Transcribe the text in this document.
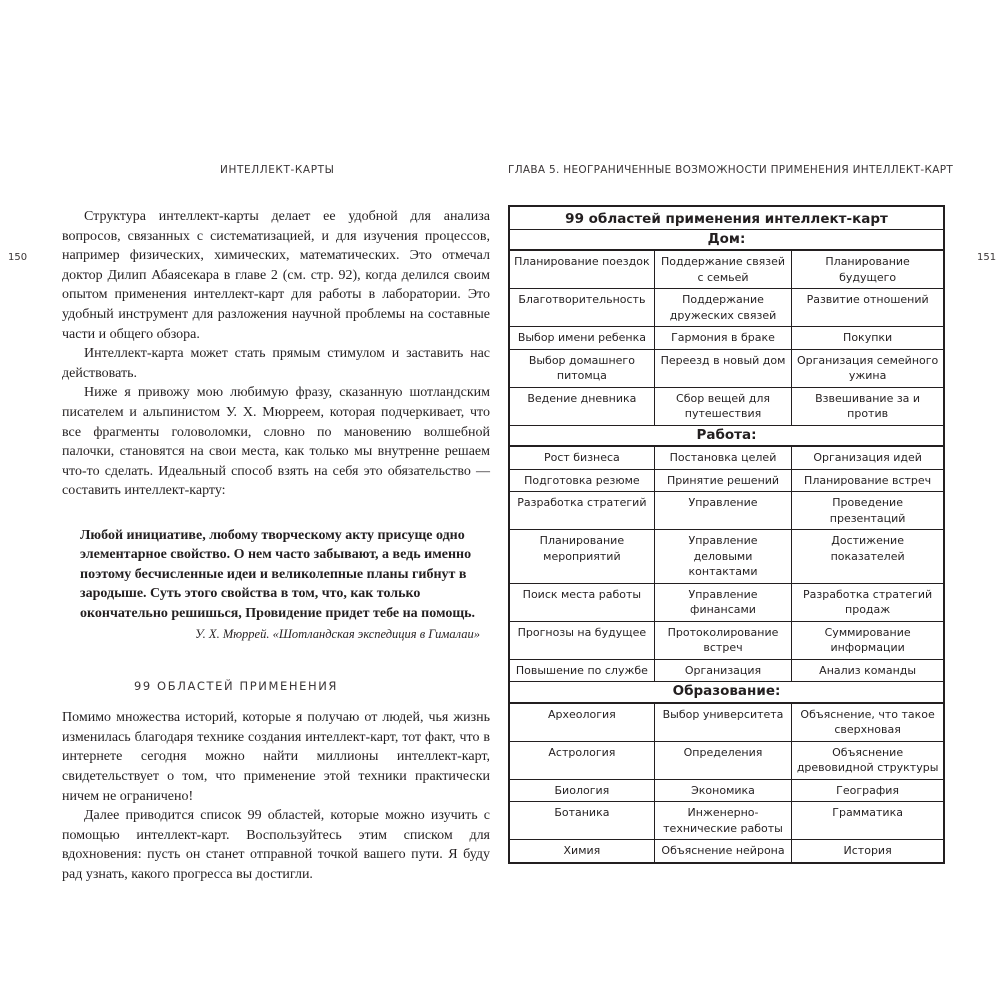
ИНТЕЛЛЕКТ-КАРТЫ	ГЛАВА 5. НЕОГРАНИЧЕННЫЕ ВОЗМОЖНОСТИ ПРИМЕНЕНИЯ ИНТЕЛЛЕКТ-КАРТ
150	151

Структура интеллект-карты делает ее удобной для анализа вопросов, связанных с систематизацией, и для изучения процессов, например физических, химических, математических. Это отмечал доктор Дилип Абаясекара в главе 2 (см. стр. 92), когда делился своим опытом применения интеллект-карт для работы в лаборатории. Это удобный инструмент для разложения научной проблемы на составные части и общего обзора.

Интеллект-карта может стать прямым стимулом и заставить нас действовать.

Ниже я привожу мою любимую фразу, сказанную шотландским писателем и альпинистом У. Х. Мюрреем, которая подчеркивает, что все фрагменты головоломки, словно по мановению волшебной палочки, становятся на свои места, как только мы внутренне решаем что-то сделать. Идеальный способ взять на себя это обязательство — составить интеллект-карту:

Любой инициативе, любому творческому акту присуще одно элементарное свойство. О нем часто забывают, а ведь именно поэтому бесчисленные идеи и великолепные планы гибнут в зародыше. Суть этого свойства в том, что, как только окончательно решишься, Провидение придет тебе на помощь.

У. Х. Мюррей. «Шотландская экспедиция в Гималаи»

99 ОБЛАСТЕЙ ПРИМЕНЕНИЯ

Помимо множества историй, которые я получаю от людей, чья жизнь изменилась благодаря технике создания интеллект-карт, тот факт, что в интернете сегодня можно найти миллионы интеллект-карт, свидетельствует о том, что применение этой техники практически ничем не ограничено!

Далее приводится список 99 областей, которые можно изучить с помощью интеллект-карт. Воспользуйтесь этим списком для вдохновения: пусть он станет отправной точкой вашего пути. Я буду рад узнать, какого прогресса вы достигли.

99 областей применения интеллект-карт		
Дом:		
Планирование поездок	Поддержание связей с семьей	Планирование будущего
Благотворительность	Поддержание дружеских связей	Развитие отношений
Выбор имени ребенка	Гармония в браке	Покупки
Выбор домашнего питомца	Переезд в новый дом	Организация семейного ужина
Ведение дневника	Сбор вещей для путешествия	Взвешивание за и против
Работа:		
Рост бизнеса	Постановка целей	Организация идей
Подготовка резюме	Принятие решений	Планирование встреч
Разработка стратегий	Управление	Проведение презентаций
Планирование мероприятий	Управление деловыми контактами	Достижение показателей
Поиск места работы	Управление финансами	Разработка стратегий продаж
Прогнозы на будущее	Протоколирование встреч	Суммирование информации
Повышение по службе	Организация	Анализ команды
Образование:		
Археология	Выбор университета	Объяснение, что такое сверхновая
Астрология	Определения	Объяснение древовидной структуры
Биология	Экономика	География
Ботаника	Инженерно-технические работы	Грамматика
Химия	Объяснение нейрона	История
